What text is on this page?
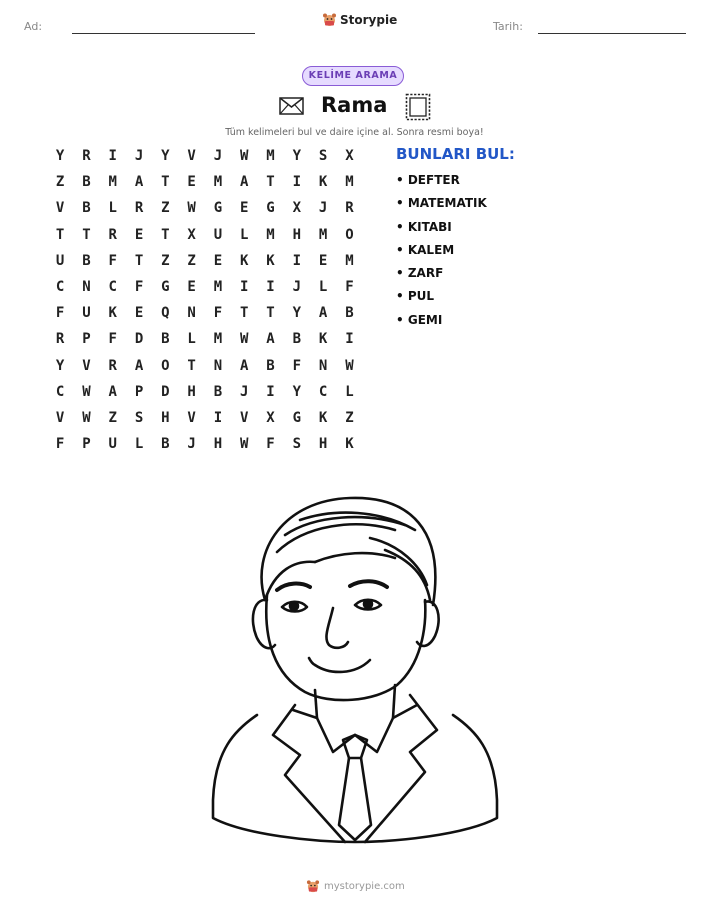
Ad:	Storypie	Tarih:
KELİME ARAMA
Rama
Tüm kelimeleri bul ve daire içine al. Sonra resmi boya!
Y	R	I	J	Y	V	J	W	M	Y	S	X
Z	B	M	A	T	E	M	A	T	I	K	M
V	B	L	R	Z	W	G	E	G	X	J	R
T	T	R	E	T	X	U	L	M	H	M	O
U	B	F	T	Z	Z	E	K	K	I	E	M
C	N	C	F	G	E	M	I	I	J	L	F
F	U	K	E	Q	N	F	T	T	Y	A	B
R	P	F	D	B	L	M	W	A	B	K	I
Y	V	R	A	O	T	N	A	B	F	N	W
C	W	A	P	D	H	B	J	I	Y	C	L
V	W	Z	S	H	V	I	V	X	G	K	Z
F	P	U	L	B	J	H	W	F	S	H	K
BUNLARI BUL:
• DEFTER
• MATEMATIK
• KITABI
• KALEM
• ZARF
• PUL
• GEMI
mystorypie.com
